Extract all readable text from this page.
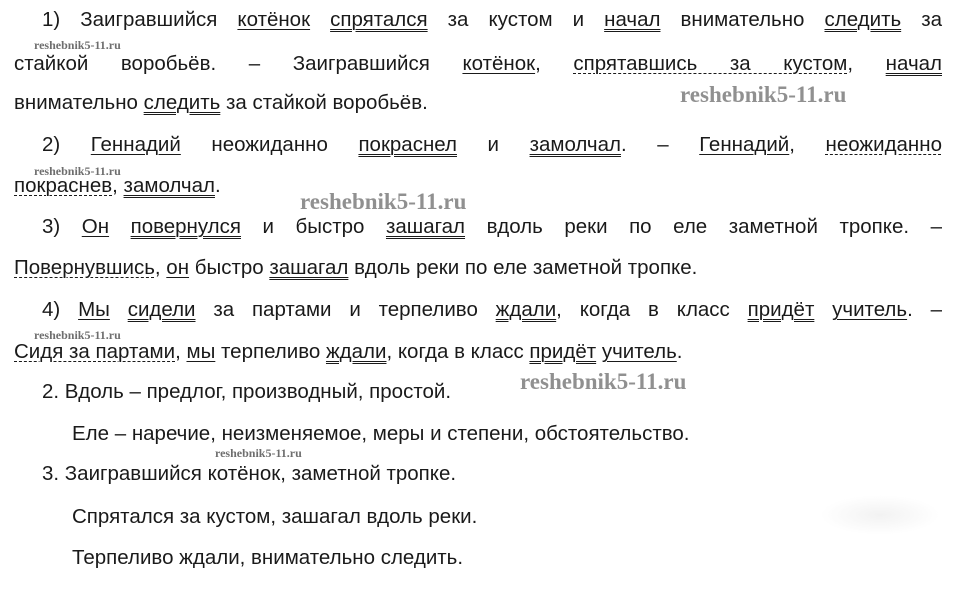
1) Заигравшийся котёнок спрятался за кустом и начал внимательно следить за
стайкой воробьёв. – Заигравшийся котёнок, спрятавшись за кустом, начал
внимательно следить за стайкой воробьёв.
2) Геннадий неожиданно покраснел и замолчал. – Геннадий, неожиданно
покраснев, замолчал.
3) Он повернулся и быстро зашагал вдоль реки по еле заметной тропке. –
Повернувшись, он быстро зашагал вдоль реки по еле заметной тропке.
4) Мы сидели за партами и терпеливо ждали, когда в класс придёт учитель. –
Сидя за партами, мы терпеливо ждали, когда в класс придёт учитель.
2. Вдоль – предлог, производный, простой.
Еле – наречие, неизменяемое, меры и степени, обстоятельство.
3. Заигравшийся котёнок, заметной тропке.
Спрятался за кустом, зашагал вдоль реки.
Терпеливо ждали, внимательно следить.
reshebnik5-11.ru
reshebnik5-11.ru
reshebnik5-11.ru
reshebnik5-11.ru
reshebnik5-11.ru
reshebnik5-11.ru
reshebnik5-11.ru
